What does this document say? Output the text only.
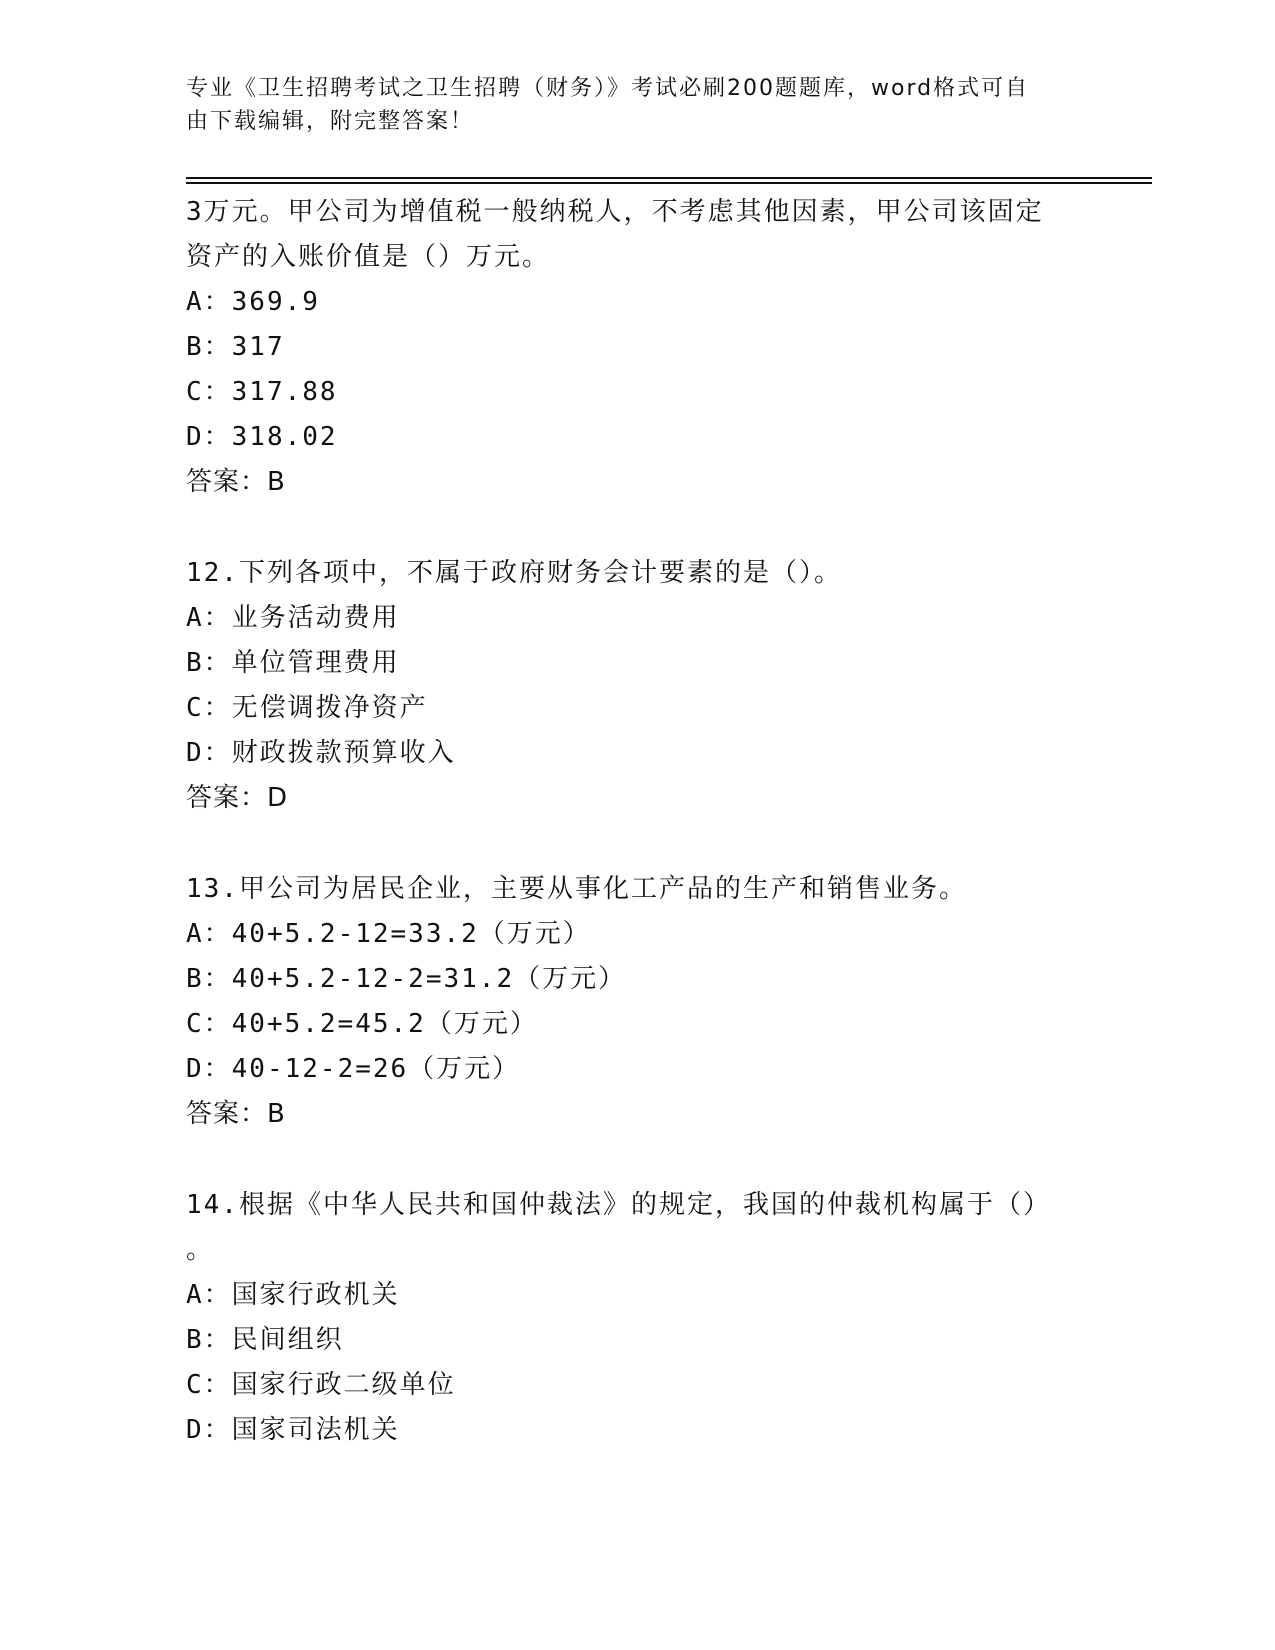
专业《卫生招聘考试之卫生招聘（财务）》考试必刷200题题库，word格式可自
由下载编辑，附完整答案！
3万元。甲公司为增值税一般纳税人，不考虑其他因素，甲公司该固定
资产的入账价值是（）万元。
A：369.9
B：317
C：317.88
D：318.02
答案：B
12.下列各项中，不属于政府财务会计要素的是（）。
A：业务活动费用
B：单位管理费用
C：无偿调拨净资产
D：财政拨款预算收入
答案：D
13.甲公司为居民企业，主要从事化工产品的生产和销售业务。
A：40+5.2-12=33.2（万元）
B：40+5.2-12-2=31.2（万元）
C：40+5.2=45.2（万元）
D：40-12-2=26（万元）
答案：B
14.根据《中华人民共和国仲裁法》的规定，我国的仲裁机构属于（）
。
A：国家行政机关
B：民间组织
C：国家行政二级单位
D：国家司法机关
